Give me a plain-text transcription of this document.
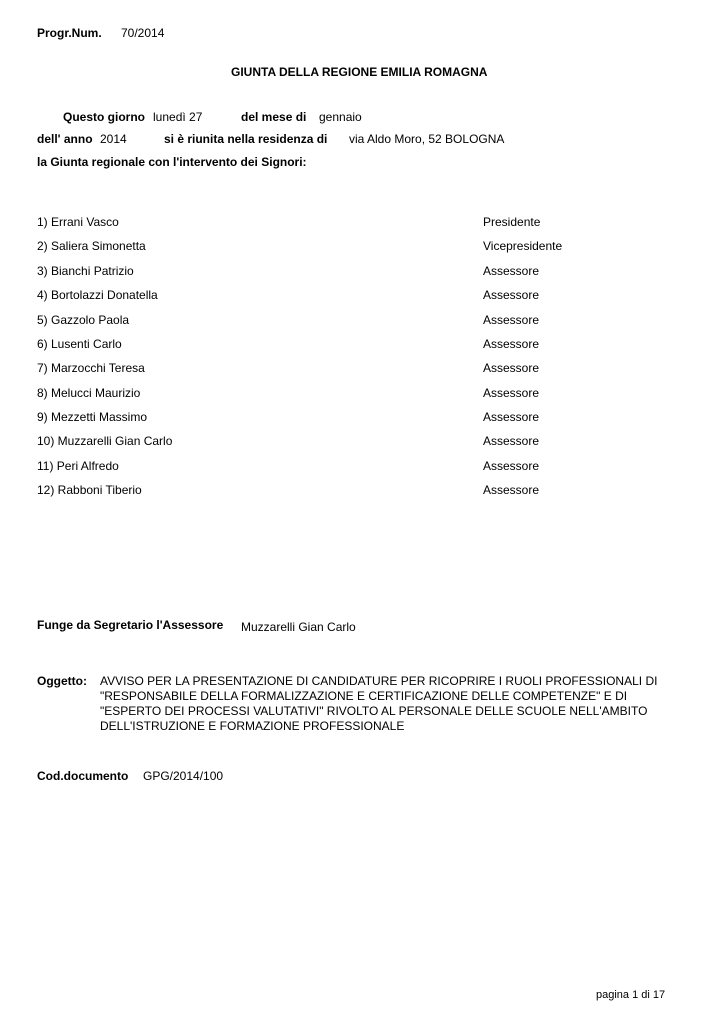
Progr.Num. 70/2014
GIUNTA DELLA REGIONE EMILIA ROMAGNA
Questo giorno lunedì 27	del mese di gennaio
dell' anno 2014	si è riunita nella residenza di via Aldo Moro, 52 BOLOGNA
la Giunta regionale con l'intervento dei Signori:
1) Errani Vasco	Presidente
2) Saliera Simonetta	Vicepresidente
3) Bianchi Patrizio	Assessore
4) Bortolazzi Donatella	Assessore
5) Gazzolo Paola	Assessore
6) Lusenti Carlo	Assessore
7) Marzocchi Teresa	Assessore
8) Melucci Maurizio	Assessore
9) Mezzetti Massimo	Assessore
10) Muzzarelli Gian Carlo	Assessore
11) Peri Alfredo	Assessore
12) Rabboni Tiberio	Assessore
Funge da Segretario l'Assessore Muzzarelli Gian Carlo
Oggetto: AVVISO PER LA PRESENTAZIONE DI CANDIDATURE PER RICOPRIRE I RUOLI PROFESSIONALI DI "RESPONSABILE DELLA FORMALIZZAZIONE E CERTIFICAZIONE DELLE COMPETENZE" E DI "ESPERTO DEI PROCESSI VALUTATIVI" RIVOLTO AL PERSONALE DELLE SCUOLE NELL'AMBITO DELL'ISTRUZIONE E FORMAZIONE PROFESSIONALE
Cod.documento GPG/2014/100
pagina 1 di 17
